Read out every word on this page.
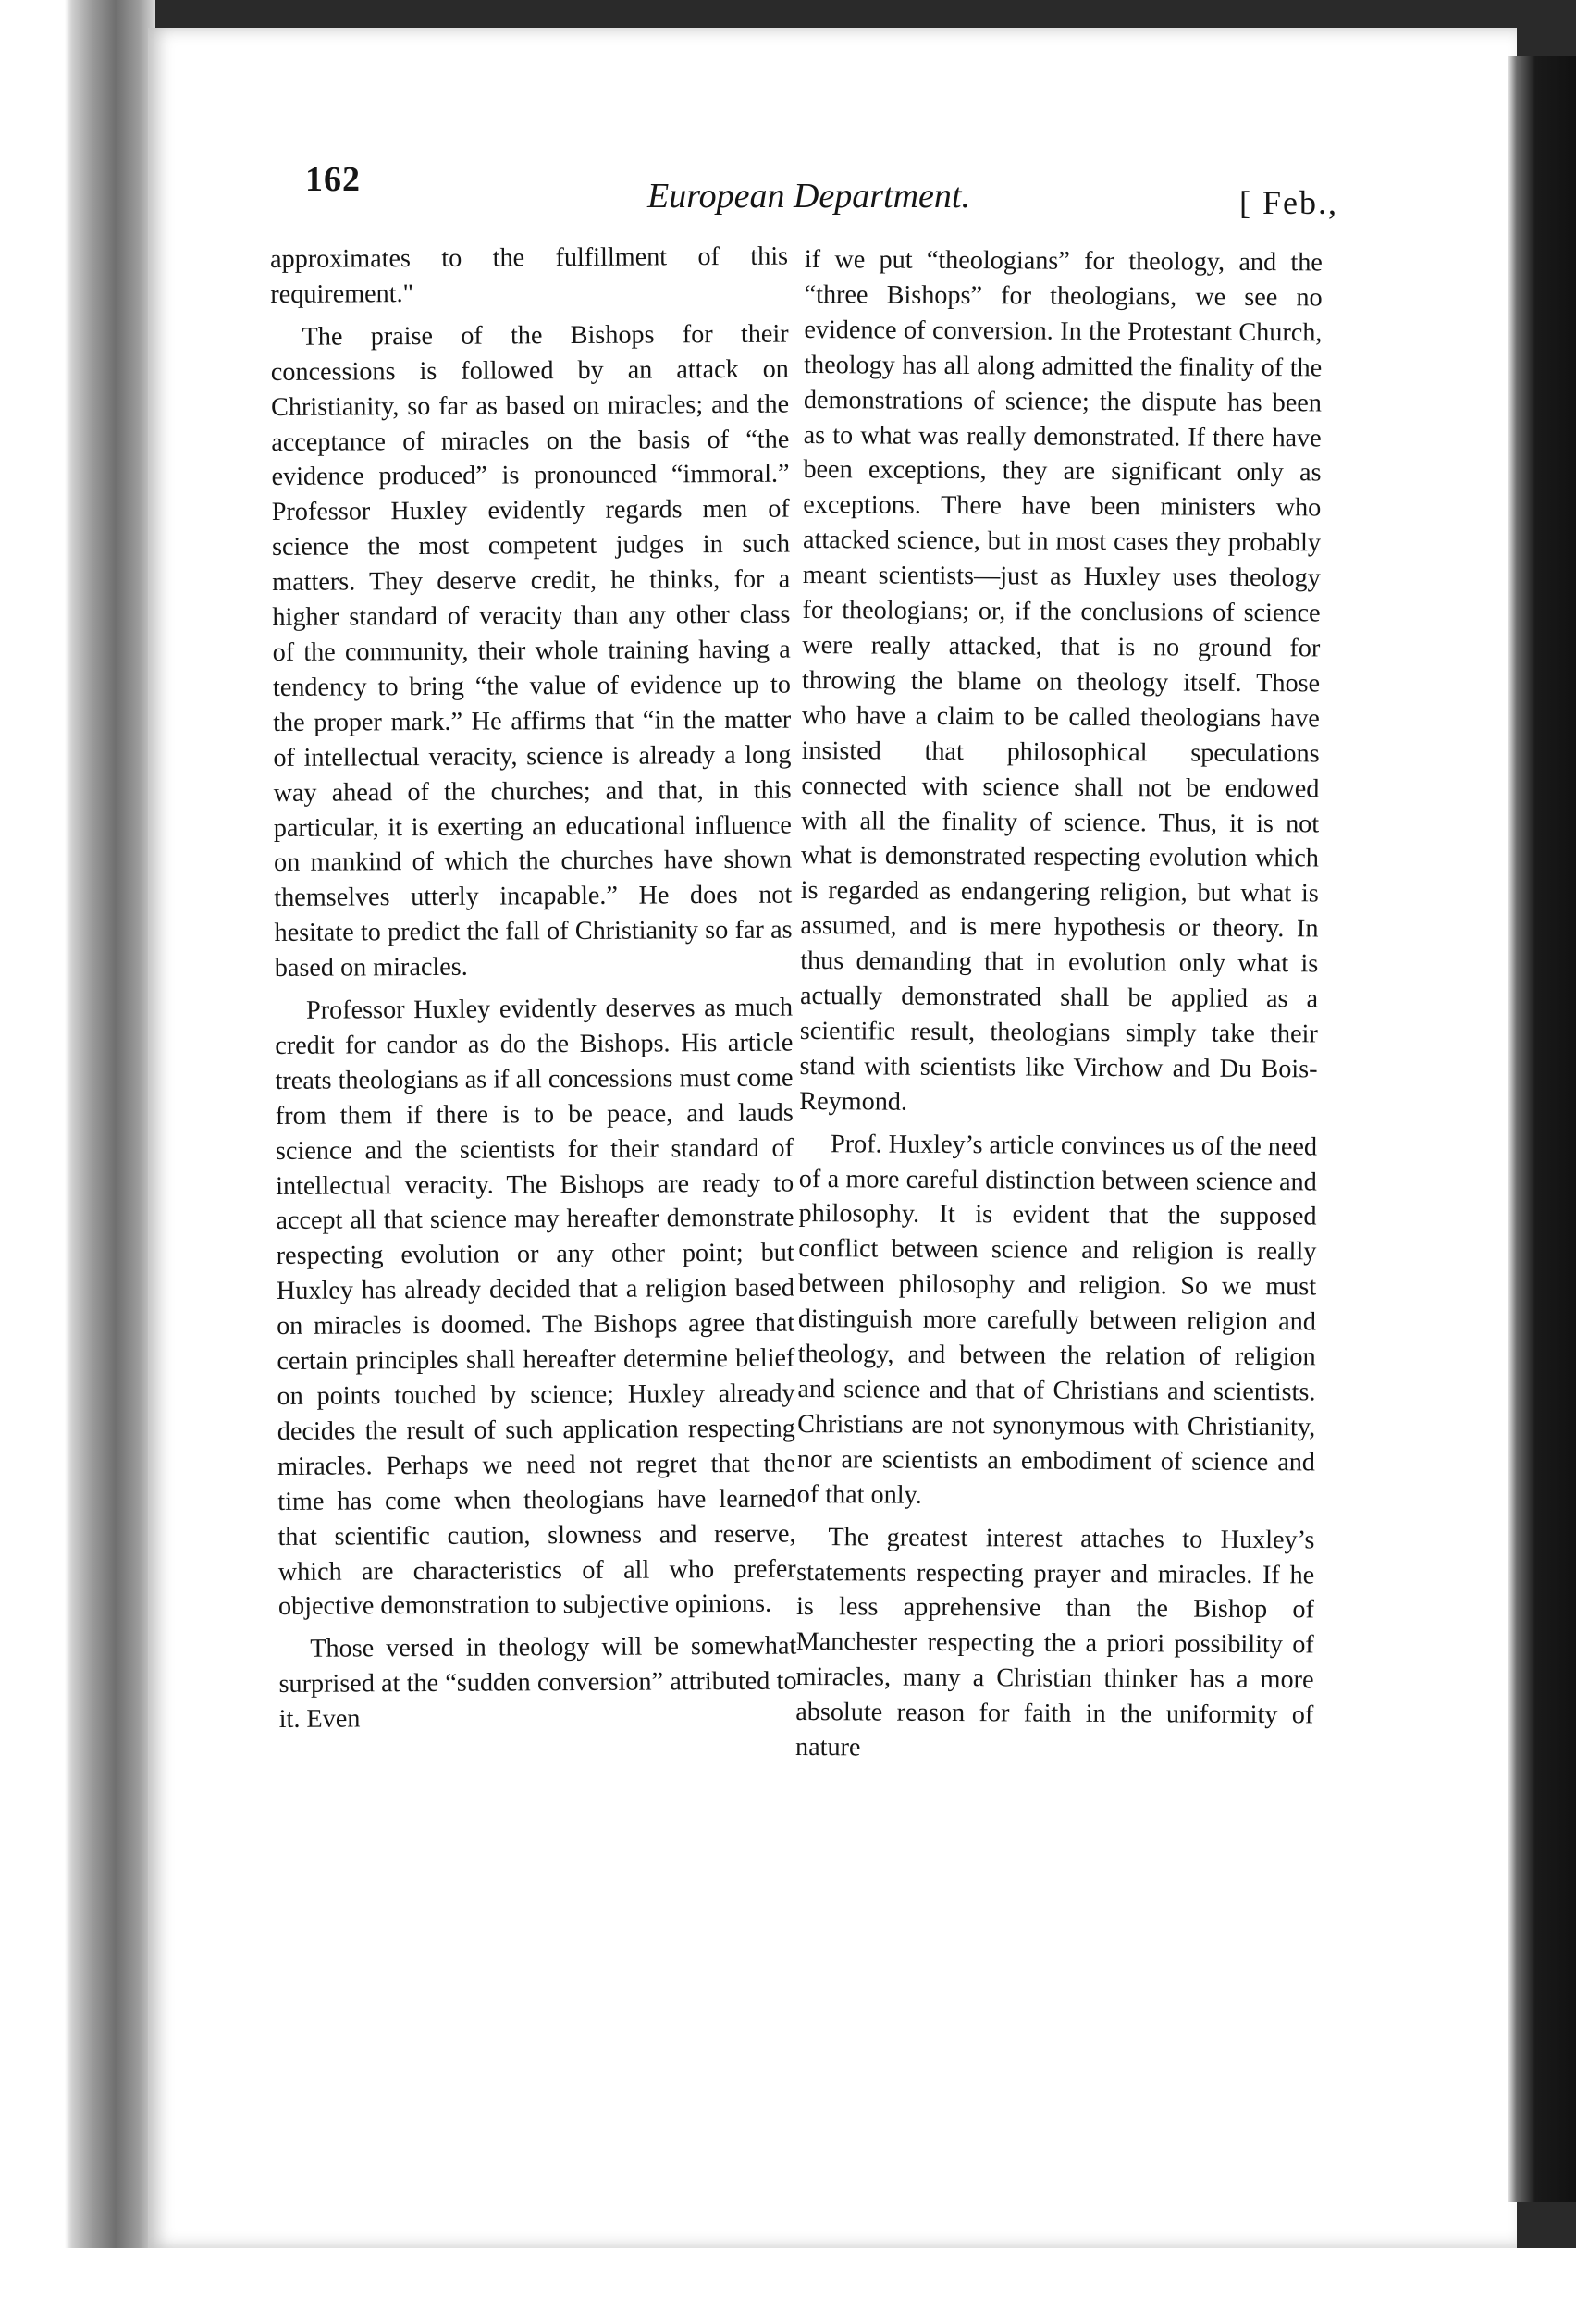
162	European Department.	[ Feb.,

approximates to the fulfillment of this requirement."

The praise of the Bishops for their concessions is followed by an attack on Christianity, so far as based on miracles; and the acceptance of miracles on the basis of “the evidence produced” is pronounced “immoral.” Professor Huxley evidently regards men of science the most competent judges in such matters. They deserve credit, he thinks, for a higher standard of veracity than any other class of the community, their whole training having a tendency to bring “the value of evidence up to the proper mark.” He affirms that “in the matter of intellectual veracity, science is already a long way ahead of the churches; and that, in this particular, it is exerting an educational influence on mankind of which the churches have shown themselves utterly incapable.” He does not hesitate to predict the fall of Christianity so far as based on miracles.

Professor Huxley evidently deserves as much credit for candor as do the Bishops. His article treats theologians as if all concessions must come from them if there is to be peace, and lauds science and the scientists for their standard of intellectual veracity. The Bishops are ready to accept all that science may hereafter demonstrate respecting evolution or any other point; but Huxley has already decided that a religion based on miracles is doomed. The Bishops agree that certain principles shall hereafter determine belief on points touched by science; Huxley already decides the result of such application respecting miracles. Perhaps we need not regret that the time has come when theologians have learned that scientific caution, slowness and reserve, which are characteristics of all who prefer objective demonstration to subjective opinions.

Those versed in theology will be somewhat surprised at the “sudden conversion” attributed to it. Even

if we put “theologians” for theology, and the “three Bishops” for theologians, we see no evidence of conversion. In the Protestant Church, theology has all along admitted the finality of the demonstrations of science; the dispute has been as to what was really demonstrated. If there have been exceptions, they are significant only as exceptions. There have been ministers who attacked science, but in most cases they probably meant scientists—just as Huxley uses theology for theologians; or, if the conclusions of science were really attacked, that is no ground for throwing the blame on theology itself. Those who have a claim to be called theologians have insisted that philosophical speculations connected with science shall not be endowed with all the finality of science. Thus, it is not what is demonstrated respecting evolution which is regarded as endangering religion, but what is assumed, and is mere hypothesis or theory. In thus demanding that in evolution only what is actually demonstrated shall be applied as a scientific result, theologians simply take their stand with scientists like Virchow and Du Bois-Reymond.

Prof. Huxley’s article convinces us of the need of a more careful distinction between science and philosophy. It is evident that the supposed conflict between science and religion is really between philosophy and religion. So we must distinguish more carefully between religion and theology, and between the relation of religion and science and that of Christians and scientists. Christians are not synonymous with Christianity, nor are scientists an embodiment of science and of that only.

The greatest interest attaches to Huxley’s statements respecting prayer and miracles. If he is less apprehensive than the Bishop of Manchester respecting the a priori possibility of miracles, many a Christian thinker has a more absolute reason for faith in the uniformity of nature
